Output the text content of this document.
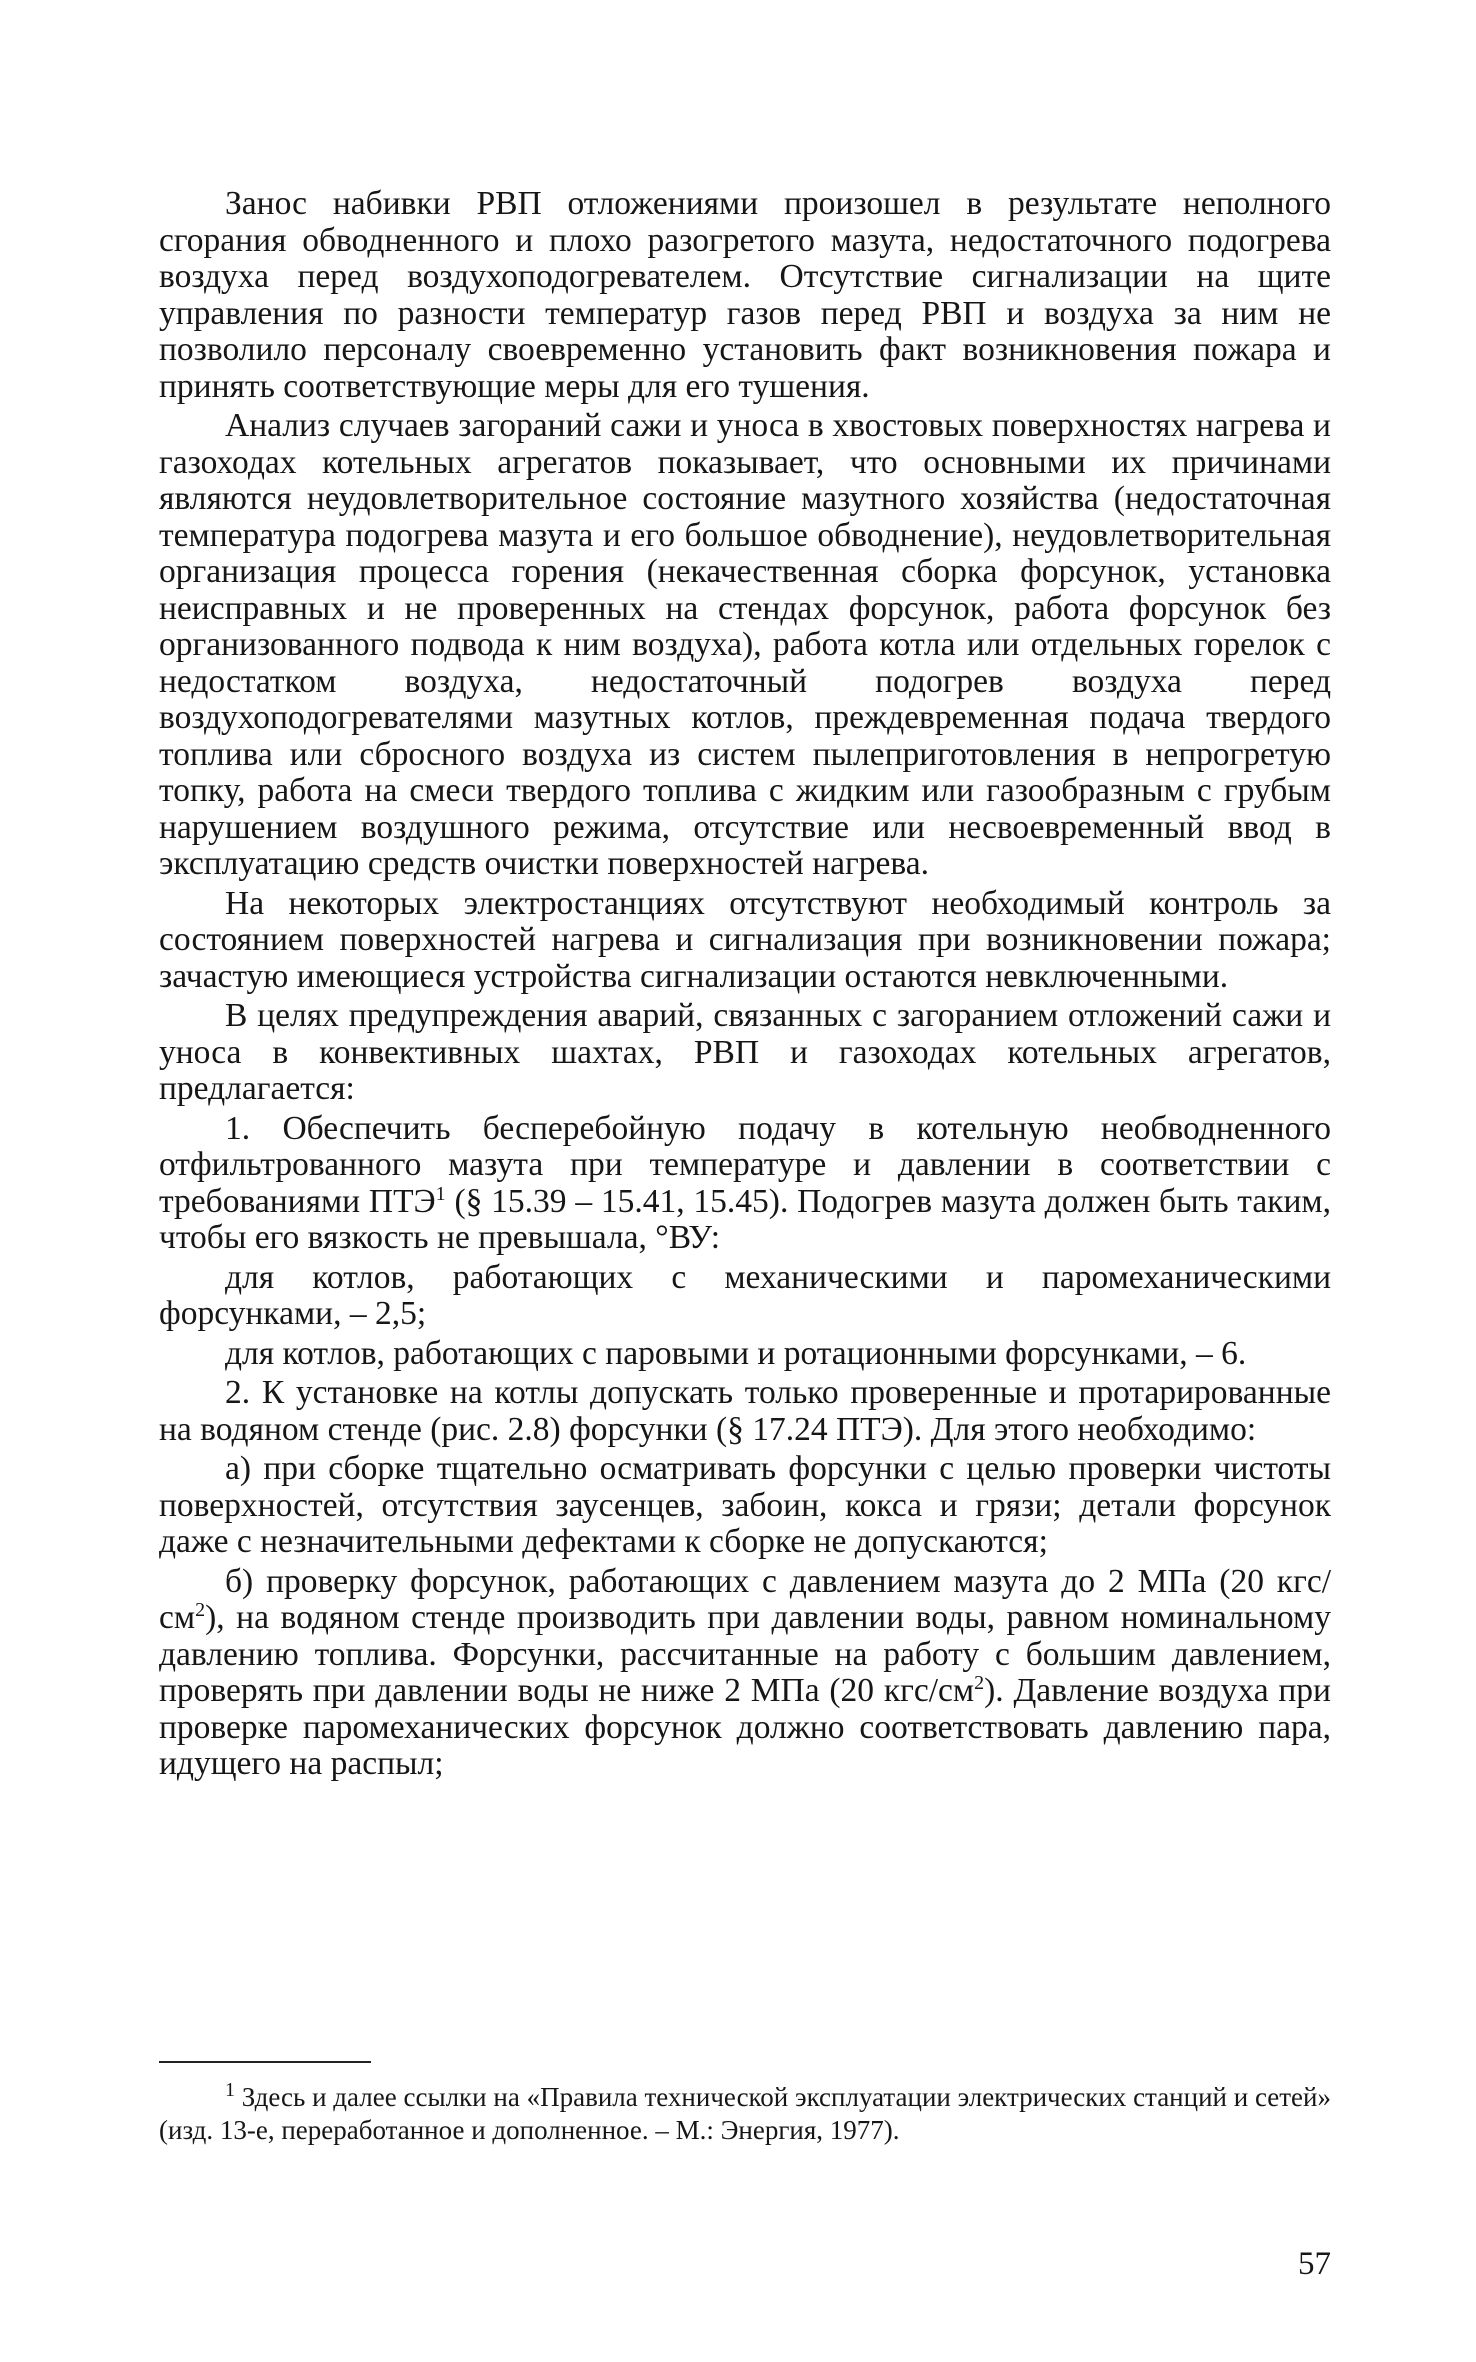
Занос набивки РВП отложениями произошел в результате неполного сгорания обводненного и плохо разогретого мазута, недостаточного подогрева воздуха перед воздухоподогревателем. Отсутствие сигнализации на щите управления по разности температур газов перед РВП и воздуха за ним не позволило персоналу своевременно установить факт возникновения пожара и принять соответствующие меры для его тушения.

Анализ случаев загораний сажи и уноса в хвостовых поверхностях нагрева и газоходах котельных агрегатов показывает, что основными их причинами являются неудовлетворительное состояние мазутного хозяйства (недостаточная температура подогрева мазута и его большое обводнение), неудовлетворительная организация процесса горения (некачественная сборка форсунок, установка неисправных и не проверенных на стендах форсунок, работа форсунок без организованного подвода к ним воздуха), работа котла или отдельных горелок с недостатком воздуха, недостаточный подогрев воздуха перед воздухоподогревателями мазутных котлов, преждевременная подача твердого топлива или сбросного воздуха из систем пылеприготовления в непрогретую топку, работа на смеси твердого топлива с жидким или газообразным с грубым нарушением воздушного режима, отсутствие или несвоевременный ввод в эксплуатацию средств очистки поверхностей нагрева.

На некоторых электростанциях отсутствуют необходимый контроль за состоянием поверхностей нагрева и сигнализация при возникновении пожара; зачастую имеющиеся устройства сигнализации остаются невключенными.

В целях предупреждения аварий, связанных с загоранием отложений сажи и уноса в конвективных шахтах, РВП и газоходах котельных агрегатов, предлагается:

1. Обеспечить бесперебойную подачу в котельную необводненного отфильтрованного мазута при температуре и давлении в соответствии с требованиями ПТЭ$^1$ (§ 15.39 – 15.41, 15.45). Подогрев мазута должен быть таким, чтобы его вязкость не превышала, °ВУ:

для котлов, работающих с механическими и паромеханическими форсунками, – 2,5;

для котлов, работающих с паровыми и ротационными форсунками, – 6.

2. К установке на котлы допускать только проверенные и протарированные на водяном стенде (рис. 2.8) форсунки (§ 17.24 ПТЭ). Для этого необходимо:

а) при сборке тщательно осматривать форсунки с целью проверки чистоты поверхностей, отсутствия заусенцев, забоин, кокса и грязи; детали форсунок даже с незначительными дефектами к сборке не допускаются;

б) проверку форсунок, работающих с давлением мазута до 2 МПа (20 кгс/$см^2$), на водяном стенде производить при давлении воды, равном номинальному давлению топлива. Форсунки, рассчитанные на работу с большим давлением, проверять при давлении воды не ниже 2 МПа (20 кгс/$см^2$). Давление воздуха при проверке паромеханических форсунок должно соответствовать давлению пара, идущего на распыл;

$^1$ Здесь и далее ссылки на «Правила технической эксплуатации электрических станций и сетей» (изд. 13-е, переработанное и дополненное. – М.: Энергия, 1977).

57
